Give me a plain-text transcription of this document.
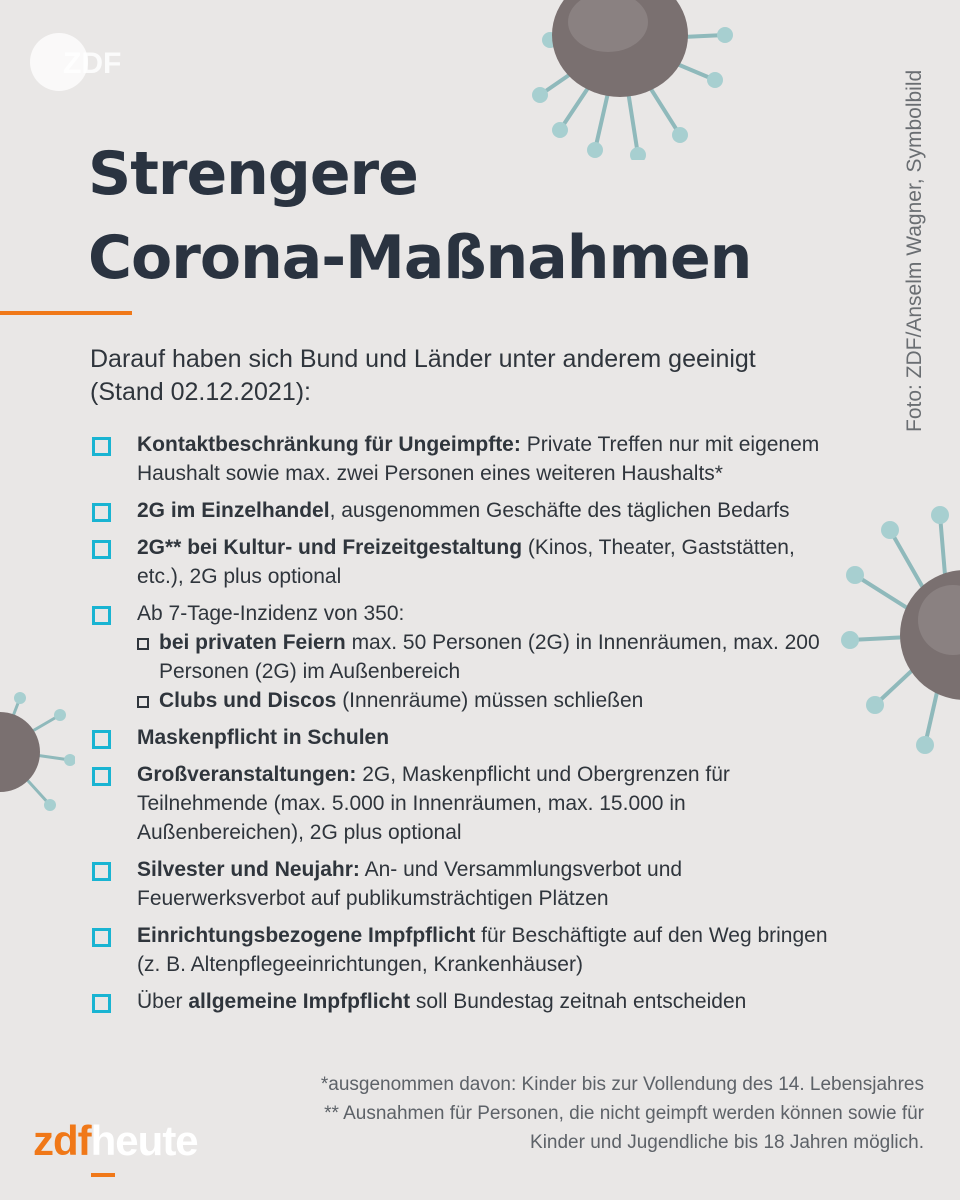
ZDF
Strengere
Corona-Maßnahmen	Foto: ZDF/Anselm Wagner, Symbolbild
Darauf haben sich Bund und Länder unter anderem geeinigt (Stand 02.12.2021):
Kontaktbeschränkung für Ungeimpfte: Private Treffen nur mit eigenem Haushalt sowie max. zwei Personen eines weiteren Haushalts*
2G im Einzelhandel, ausgenommen Geschäfte des täglichen Bedarfs
2G** bei Kultur- und Freizeitgestaltung (Kinos, Theater, Gaststätten, etc.), 2G plus optional
Ab 7-Tage-Inzidenz von 350:
bei privaten Feiern max. 50 Personen (2G) in Innenräumen, max. 200 Personen (2G) im Außenbereich
Clubs und Discos (Innenräume) müssen schließen
Maskenpflicht in Schulen
Großveranstaltungen: 2G, Maskenpflicht und Obergrenzen für Teilnehmende (max. 5.000 in Innenräumen, max. 15.000 in Außenbereichen), 2G plus optional
Silvester und Neujahr: An- und Versammlungsverbot und Feuerwerksverbot auf publikumsträchtigen Plätzen
Einrichtungsbezogene Impfpflicht für Beschäftigte auf den Weg bringen (z. B. Altenpflegeeinrichtungen, Krankenhäuser)
Über allgemeine Impfpflicht soll Bundestag zeitnah entscheiden
*ausgenommen davon: Kinder bis zur Vollendung des 14. Lebensjahres
** Ausnahmen für Personen, die nicht geimpft werden können sowie für Kinder und Jugendliche bis 18 Jahren möglich.
zdfheute
